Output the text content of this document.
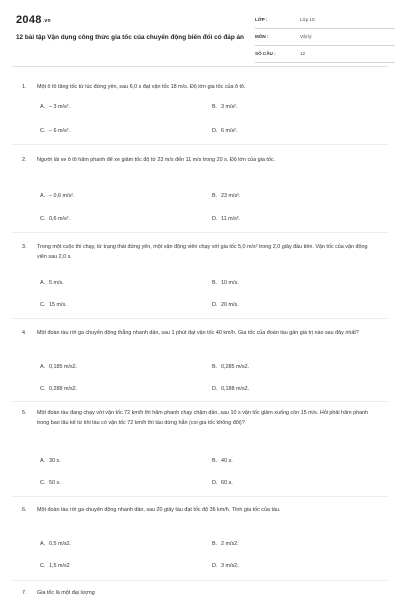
2048.vn
12 bài tập Vận dụng công thức gia tốc của chuyển động biến đổi có đáp án
LỚP :	Lớp 10
MÔN :	Vật lý
SỐ CÂU :	12
1. Một ô tô tăng tốc từ lúc đứng yên, sau 6,0 s đạt vận tốc 18 m/s. Độ lớn gia tốc của ô tô.
A. – 3 m/s².	B. 3 m/s².
C. – 6 m/s².	D. 6 m/s².
2. Người lái xe ô tô hãm phanh để xe giảm tốc độ từ 23 m/s đến 11 m/s trong 20 s. Độ lớn của gia tốc.
A. – 0,6 m/s².	B. 23 m/s².
C. 0,6 m/s².	D. 11 m/s².
3. Trong một cuộc thi chạy, từ trạng thái đứng yên, một vận động viên chạy với gia tốc 5,0 m/s² trong 2,0 giây đầu tiên. Vận tốc của vận động viên sau 2,0 s.
A. 5 m/s.	B. 10 m/s.
C. 15 m/s.	D. 20 m/s.
4. Một đoàn tàu rời ga chuyển động thẳng nhanh dần, sau 1 phút đạt vận tốc 40 km/h. Gia tốc của đoàn tàu gần giá trị nào sau đây nhất?
A. 0,185 m/s2.	B. 0,285 m/s2.
C. 0,288 m/s2.	D. 0,188 m/s2.
5. Một đoàn tàu đang chạy với vận tốc 72 km/h thì hãm phanh chạy chậm dần, sau 10 s vận tốc giảm xuống còn 15 m/s. Hỏi phải hãm phanh trong bao lâu kể từ khi tàu có vận tốc 72 km/h thì tàu dừng hẳn (coi gia tốc không đổi)?
A. 30 s.	B. 40 s.
C. 50 s.	D. 60 s.
6. Một đoàn tàu rời ga chuyển động nhanh dần, sau 20 giây tàu đạt tốc độ 36 km/h. Tính gia tốc của tàu.
A. 0,5 m/s2.	B. 2 m/s2.
C. 1,5 m/s2	D. 3 m/s2.
7. Gia tốc là một đại lượng
